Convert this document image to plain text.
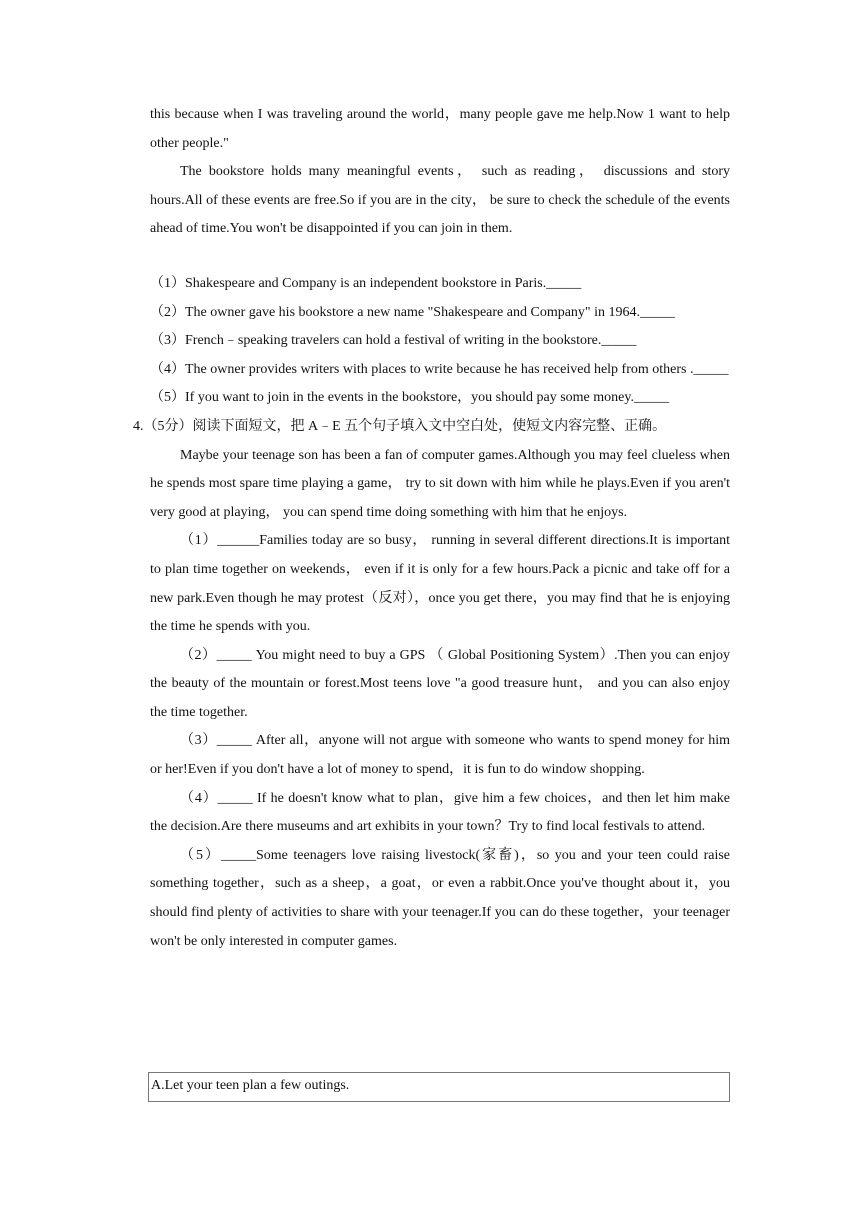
this because when I was traveling around the world，many people gave me help.Now 1 want to help other people."

The bookstore holds many meaningful events， such as reading， discussions and story hours.All of these events are free.So if you are in the city， be sure to check the schedule of the events ahead of time.You won't be disappointed if you can join in them.

（1）Shakespeare and Company is an independent bookstore in Paris._____

（2）The owner gave his bookstore a new name "Shakespeare and Company" in 1964._____

（3）French﹣speaking travelers can hold a festival of writing in the bookstore._____

（4）The owner provides writers with places to write because he has received help from others ._____

（5）If you want to join in the events in the bookstore，you should pay some money._____

4.（5分）阅读下面短文，把 A﹣E 五个句子填入文中空白处，使短文内容完整、正确。

Maybe your teenage son has been a fan of computer games.Although you may feel clueless when he spends most spare time playing a game， try to sit down with him while he plays.Even if you aren't very good at playing， you can spend time doing something with him that he enjoys.

（1）______Families today are so busy， running in several different directions.It is important to plan time together on weekends， even if it is only for a few hours.Pack a picnic and take off for a new park.Even though he may protest（反对），once you get there，you may find that he is enjoying the time he spends with you.

（2）_____ You might need to buy a GPS （ Global Positioning System）.Then you can enjoy the beauty of the mountain or forest.Most teens love "a good treasure hunt， and you can also enjoy the time together.

（3）_____ After all，anyone will not argue with someone who wants to spend money for him or her!Even if you don't have a lot of money to spend，it is fun to do window shopping.

（4）_____ If he doesn't know what to plan，give him a few choices，and then let him make the decision.Are there museums and art exhibits in your town？Try to find local festivals to attend.

（5）_____Some teenagers love raising livestock(家畜)，so you and your teen could raise something together，such as a sheep，a goat，or even a rabbit.Once you've thought about it，you should find plenty of activities to share with your teenager.If you can do these together，your teenager won't be only interested in computer games.

A.Let your teen plan a few outings.
